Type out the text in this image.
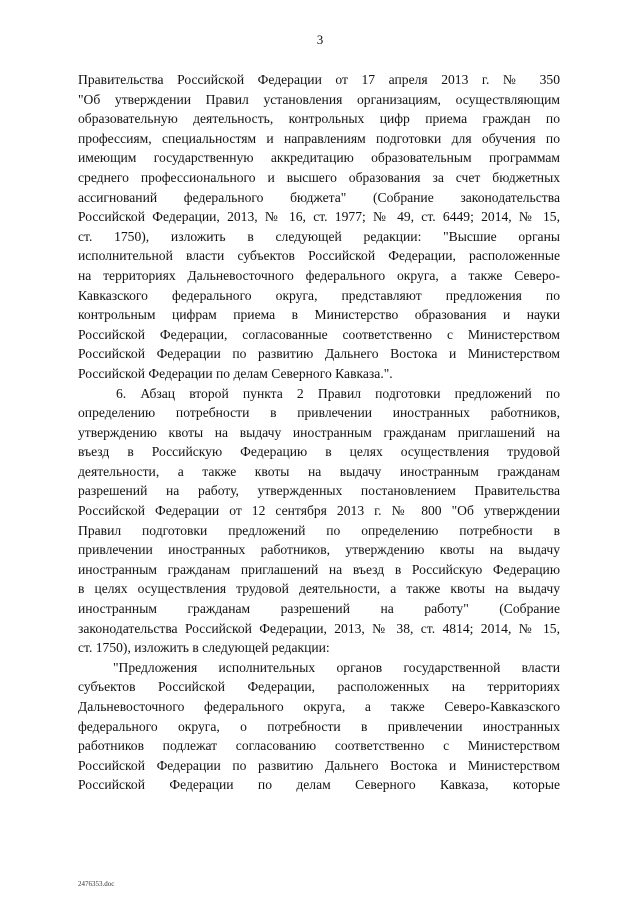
3
Правительства Российской Федерации от 17 апреля 2013 г. № 350
"Об утверждении Правил установления организациям, осуществляющим
образовательную деятельность, контрольных цифр приема граждан по
профессиям, специальностям и направлениям подготовки для обучения по
имеющим государственную аккредитацию образовательным программам
среднего профессионального и высшего образования за счет бюджетных
ассигнований федерального бюджета" (Собрание законодательства
Российской Федерации, 2013, № 16, ст. 1977; № 49, ст. 6449; 2014, № 15,
ст. 1750), изложить в следующей редакции: "Высшие органы
исполнительной власти субъектов Российской Федерации, расположенные
на территориях Дальневосточного федерального округа, а также Северо-
Кавказского федерального округа, представляют предложения по
контрольным цифрам приема в Министерство образования и науки
Российской Федерации, согласованные соответственно с Министерством
Российской Федерации по развитию Дальнего Востока и Министерством
Российской Федерации по делам Северного Кавказа.".
6. Абзац второй пункта 2 Правил подготовки предложений по
определению потребности в привлечении иностранных работников,
утверждению квоты на выдачу иностранным гражданам приглашений на
въезд в Российскую Федерацию в целях осуществления трудовой
деятельности, а также квоты на выдачу иностранным гражданам
разрешений на работу, утвержденных постановлением Правительства
Российской Федерации от 12 сентября 2013 г. № 800 "Об утверждении
Правил подготовки предложений по определению потребности в
привлечении иностранных работников, утверждению квоты на выдачу
иностранным гражданам приглашений на въезд в Российскую Федерацию
в целях осуществления трудовой деятельности, а также квоты на выдачу
иностранным гражданам разрешений на работу" (Собрание
законодательства Российской Федерации, 2013, № 38, ст. 4814; 2014, № 15,
ст. 1750), изложить в следующей редакции:
"Предложения исполнительных органов государственной власти
субъектов Российской Федерации, расположенных на территориях
Дальневосточного федерального округа, а также Северо-Кавказского
федерального округа, о потребности в привлечении иностранных
работников подлежат согласованию соответственно с Министерством
Российской Федерации по развитию Дальнего Востока и Министерством
Российской Федерации по делам Северного Кавказа, которые
2476353.doc
